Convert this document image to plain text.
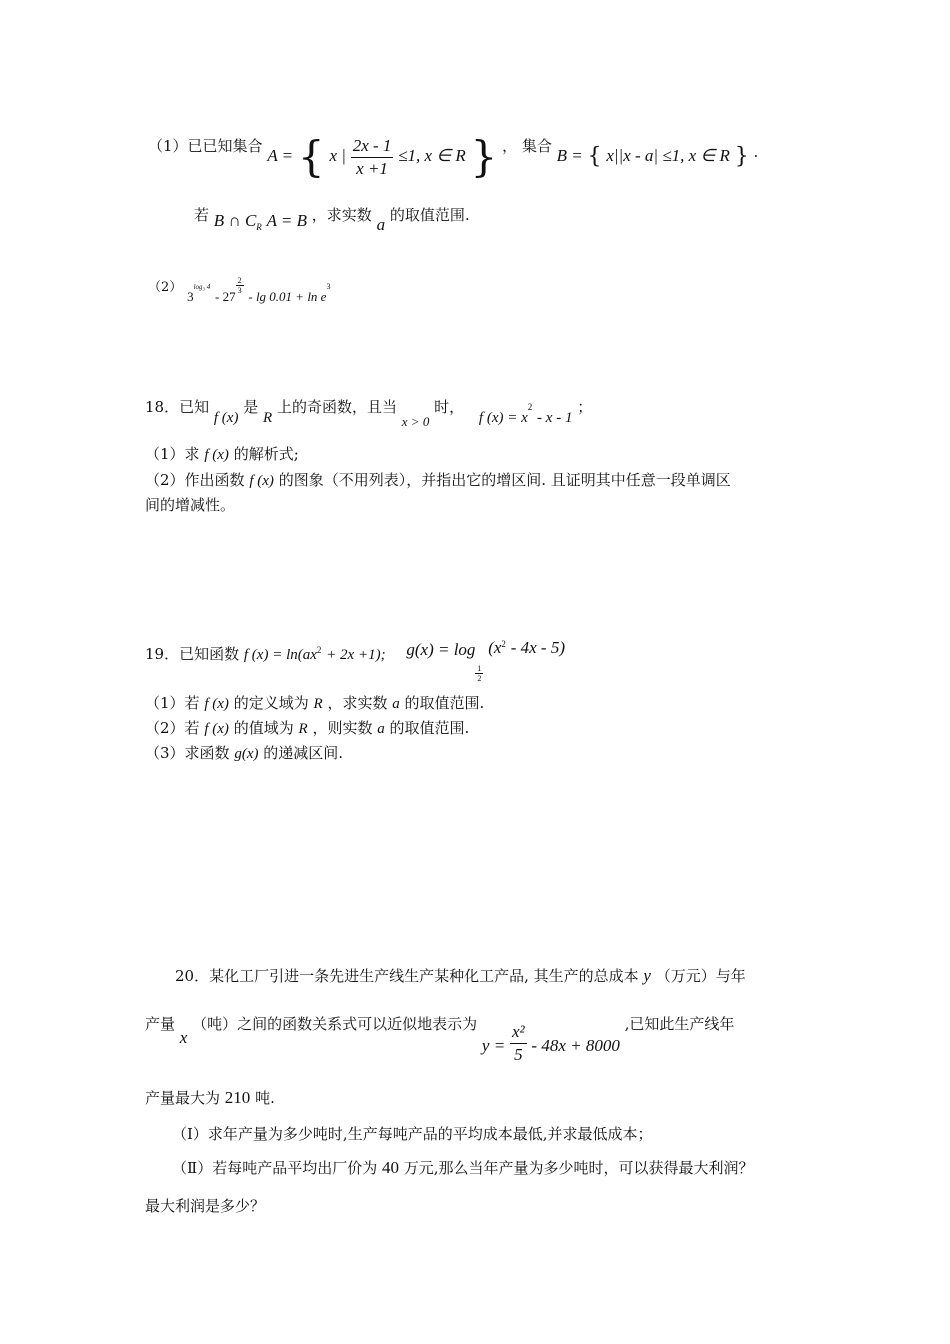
（1）已已知集合 A = { x | $\frac{2x - 1}{x +1} \le 1$, x ∈ R } ， 集合 B = { x||x - a| ≤1, x ∈ R } ·
若 B ∩ $C_R$ A = B ，求实数 a 的取值范围.
（2） $3^{log_3 4} - 27$
$\frac{2}{3}$
- $\lg 0.01 + \ln e^3$
18．已知 f (x) 是 R 上的奇函数，且当 x > 0 时， f $(x) = x^2 - x - 1$ ；
（1）求 f (x) 的解析式;
（2）作出函数 f (x) 的图象（不用列表），并指出它的增区间. 且证明其中任意一段单调区
间的增减性。
19．已知函数 f $(x) = \ln(ax^2 + 2x +1)$; g(x) = log
$\frac{1}{2}$
$(x^2 - 4x - 5)$
（1）若 f (x) 的定义域为 R ，求实数 a 的取值范围.
（2）若 f (x) 的值域为 R ，则实数 a 的取值范围.
（3）求函数 g(x) 的递减区间.
20．某化工厂引进一条先进生产线生产某种化工产品, 其生产的总成本 y （万元）与年
产量 x （吨）之间的函数关系式可以近似地表示为 $y = \frac{\text{x²}}{5} - 48x + 8000$ ,已知此生产线年
产量最大为 210 吨.
（Ⅰ）求年产量为多少吨时,生产每吨产品的平均成本最低,并求最低成本；
（Ⅱ）若每吨产品平均出厂价为 40 万元,那么当年产量为多少吨时，可以获得最大利润？
最大利润是多少？
